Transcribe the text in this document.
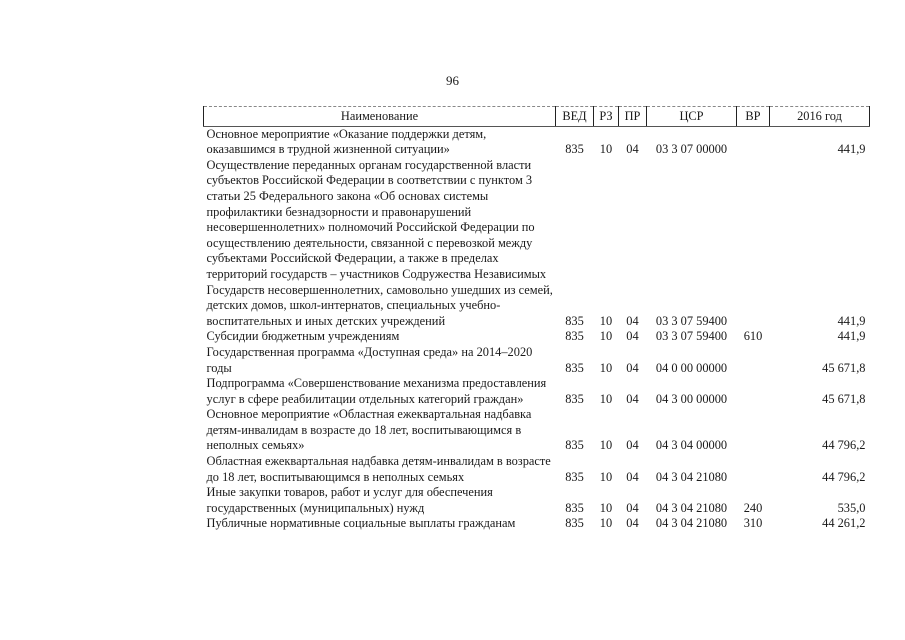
96
Наименование	ВЕД	РЗ	ПР	ЦСР	ВР	2016 год
Основное мероприятие «Оказание поддержки детям, оказавшимся в трудной жизненной ситуации»	835	10	04	03 3 07 00000		441,9
Осуществление переданных органам государственной власти субъектов Российской Федерации в соответствии с пунктом 3 статьи 25 Федерального закона «Об основах системы профилактики безнадзорности и правонарушений несовершеннолетних» полномочий Российской Федерации по осуществлению деятельности, связанной с перевозкой между субъектами Российской Федерации, а также в пределах территорий государств – участников Содружества Независимых Государств несовершеннолетних, самовольно ушедших из семей, детских домов, школ-интернатов, специальных учебно-воспитательных и иных детских учреждений	835	10	04	03 3 07 59400		441,9
Субсидии бюджетным учреждениям	835	10	04	03 3 07 59400	610	441,9
Государственная программа «Доступная среда» на 2014–2020 годы	835	10	04	04 0 00 00000		45 671,8
Подпрограмма «Совершенствование механизма предоставления услуг в сфере реабилитации отдельных категорий граждан»	835	10	04	04 3 00 00000		45 671,8
Основное мероприятие «Областная ежеквартальная надбавка детям-инвалидам в возрасте до 18 лет, воспитывающимся в неполных семьях»	835	10	04	04 3 04 00000		44 796,2
Областная ежеквартальная надбавка детям-инвалидам в возрасте до 18 лет, воспитывающимся в неполных семьях	835	10	04	04 3 04 21080		44 796,2
Иные закупки товаров, работ и услуг для обеспечения государственных (муниципальных) нужд	835	10	04	04 3 04 21080	240	535,0
Публичные нормативные социальные выплаты гражданам	835	10	04	04 3 04 21080	310	44 261,2
